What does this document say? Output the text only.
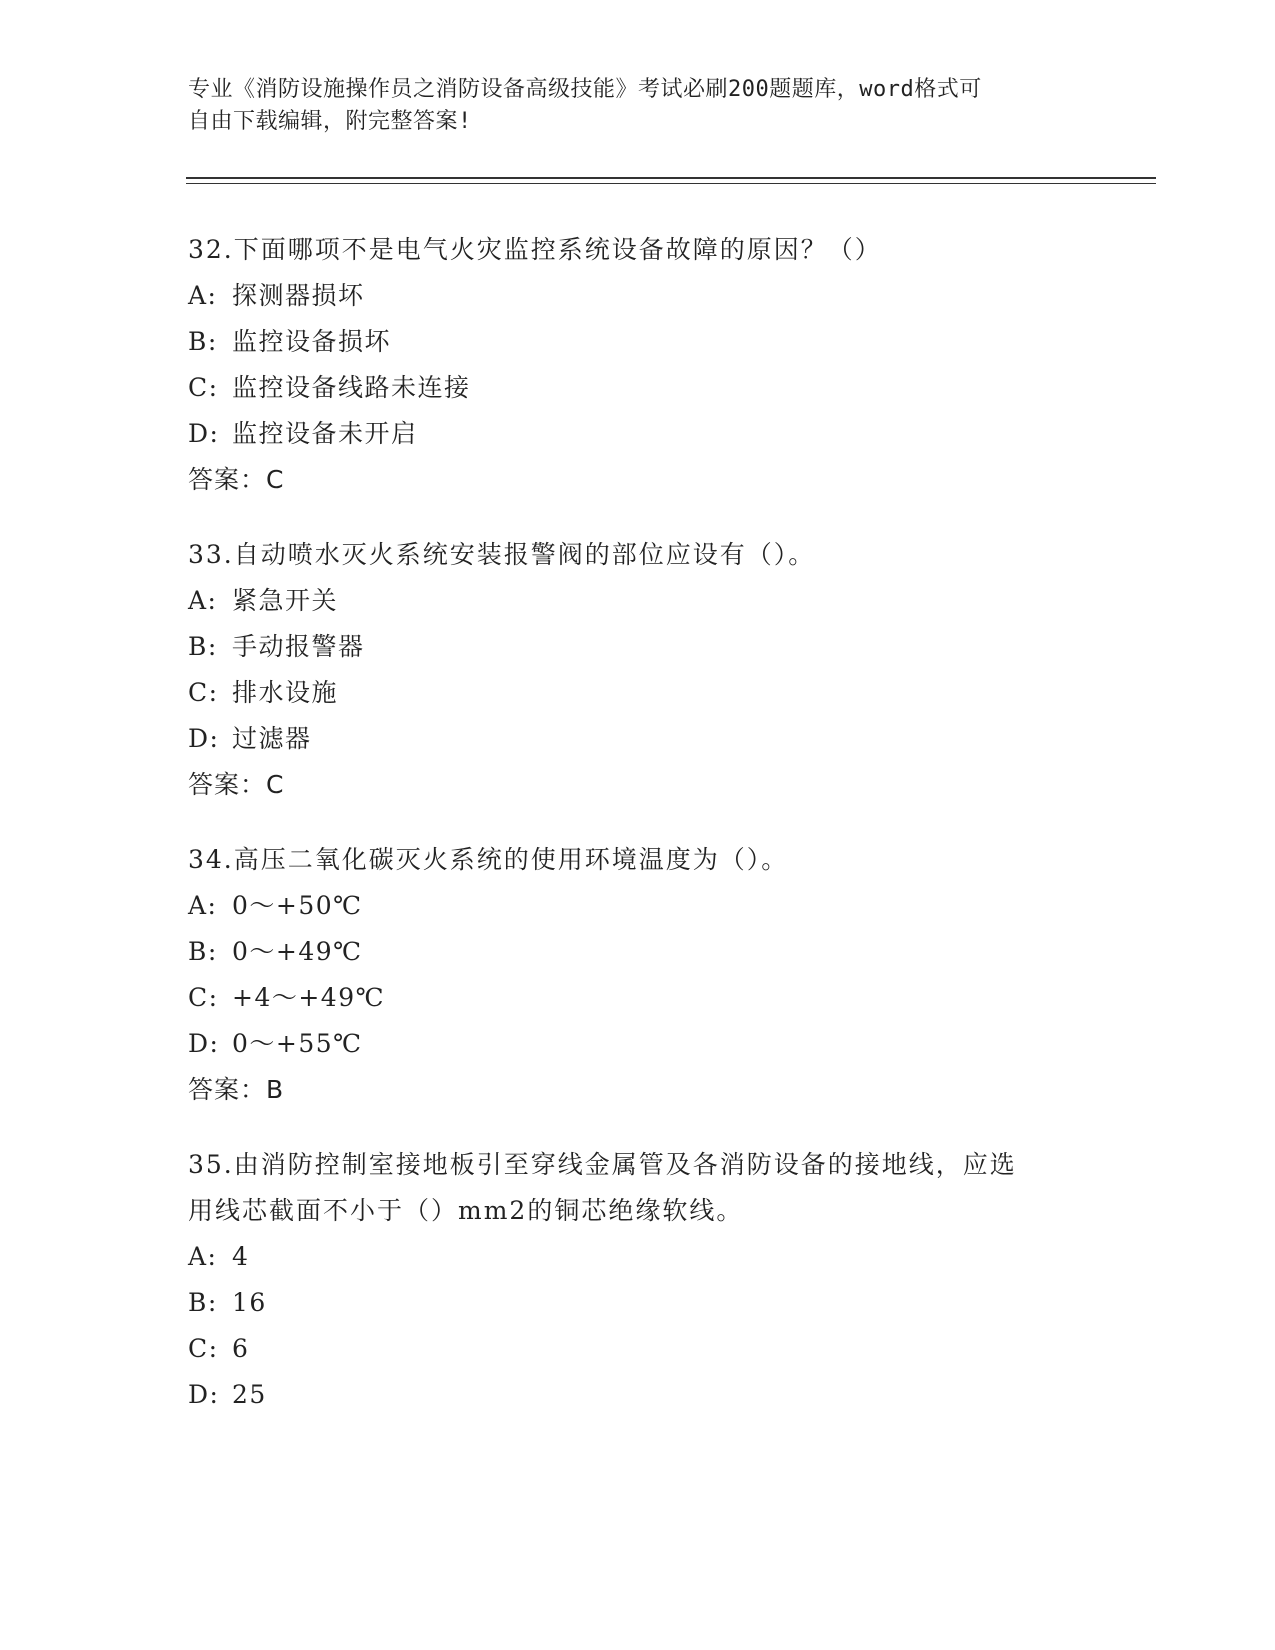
专业《消防设施操作员之消防设备高级技能》考试必刷200题题库，word格式可
自由下载编辑，附完整答案!
32.下面哪项不是电气火灾监控系统设备故障的原因？（）
A: 探测器损坏
B: 监控设备损坏
C: 监控设备线路未连接
D: 监控设备未开启
答案：C
33.自动喷水灭火系统安装报警阀的部位应设有（）。
A: 紧急开关
B: 手动报警器
C: 排水设施
D: 过滤器
答案：C
34.高压二氧化碳灭火系统的使用环境温度为（）。
A: 0～+50℃
B: 0～+49℃
C: +4～+49℃
D: 0～+55℃
答案：B
35.由消防控制室接地板引至穿线金属管及各消防设备的接地线，应选
用线芯截面不小于（）mm2的铜芯绝缘软线。
A: 4
B: 16
C: 6
D: 25
